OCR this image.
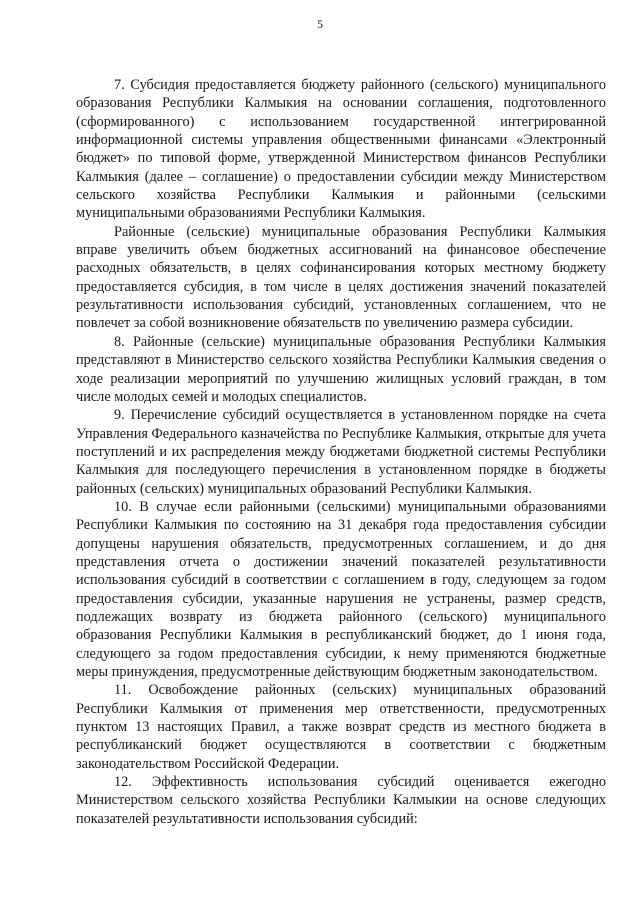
5

7. Субсидия предоставляется бюджету районного (сельского) муниципального образования Республики Калмыкия на основании соглашения, подготовленного (сформированного) с использованием государственной интегрированной информационной системы управления общественными финансами «Электронный бюджет» по типовой форме, утвержденной Министерством финансов Республики Калмыкия (далее – соглашение) о предоставлении субсидии между Министерством сельского хозяйства Республики Калмыкия и районными (сельскими муниципальными образованиями Республики Калмыкия.

Районные (сельские) муниципальные образования Республики Калмыкия вправе увеличить объем бюджетных ассигнований на финансовое обеспечение расходных обязательств, в целях софинансирования которых местному бюджету предоставляется субсидия, в том числе в целях достижения значений показателей результативности использования субсидий, установленных соглашением, что не повлечет за собой возникновение обязательств по увеличению размера субсидии.

8. Районные (сельские) муниципальные образования Республики Калмыкия представляют в Министерство сельского хозяйства Республики Калмыкия сведения о ходе реализации мероприятий по улучшению жилищных условий граждан, в том числе молодых семей и молодых специалистов.

9. Перечисление субсидий осуществляется в установленном порядке на счета Управления Федерального казначейства по Республике Калмыкия, открытые для учета поступлений и их распределения между бюджетами бюджетной системы Республики Калмыкия для последующего перечисления в установленном порядке в бюджеты районных (сельских) муниципальных образований Республики Калмыкия.

10. В случае если районными (сельскими) муниципальными образованиями Республики Калмыкия по состоянию на 31 декабря года предоставления субсидии допущены нарушения обязательств, предусмотренных соглашением, и до дня представления отчета о достижении значений показателей результативности использования субсидий в соответствии с соглашением в году, следующем за годом предоставления субсидии, указанные нарушения не устранены, размер средств, подлежащих возврату из бюджета районного (сельского) муниципального образования Республики Калмыкия в республиканский бюджет, до 1 июня года, следующего за годом предоставления субсидии, к нему применяются бюджетные меры принуждения, предусмотренные действующим бюджетным законодательством.

11. Освобождение районных (сельских) муниципальных образований Республики Калмыкия от применения мер ответственности, предусмотренных пунктом 13 настоящих Правил, а также возврат средств из местного бюджета в республиканский бюджет осуществляются в соответствии с бюджетным законодательством Российской Федерации.

12. Эффективность использования субсидий оценивается ежегодно Министерством сельского хозяйства Республики Калмыкии на основе следующих показателей результативности использования субсидий:
